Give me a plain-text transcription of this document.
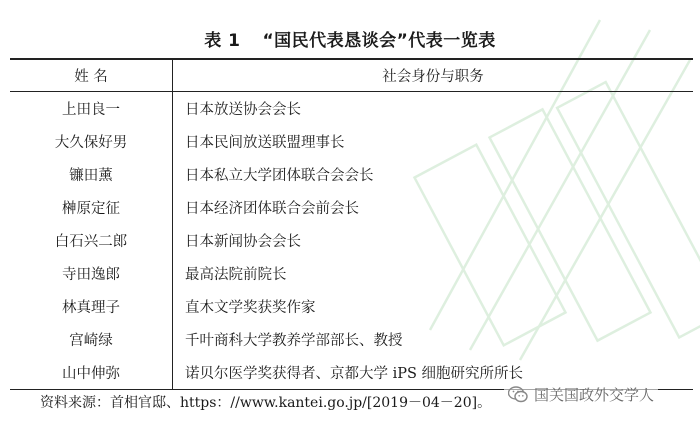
表 1 “国民代表恳谈会”代表一览表
姓 名	社会身份与职务
上田良一	日本放送协会会长
大久保好男	日本民间放送联盟理事长
镰田薰	日本私立大学团体联合会会长
榊原定征	日本经济团体联合会前会长
白石兴二郎	日本新闻协会会长
寺田逸郎	最高法院前院长
林真理子	直木文学奖获奖作家
宫崎绿	千叶商科大学教养学部部长、教授
山中伸弥	诺贝尔医学奖获得者、京都大学 iPS 细胞研究所所长
资料来源：首相官邸、https：//www.kantei.go.jp/[2019－04－20]。	国关国政外交学人
